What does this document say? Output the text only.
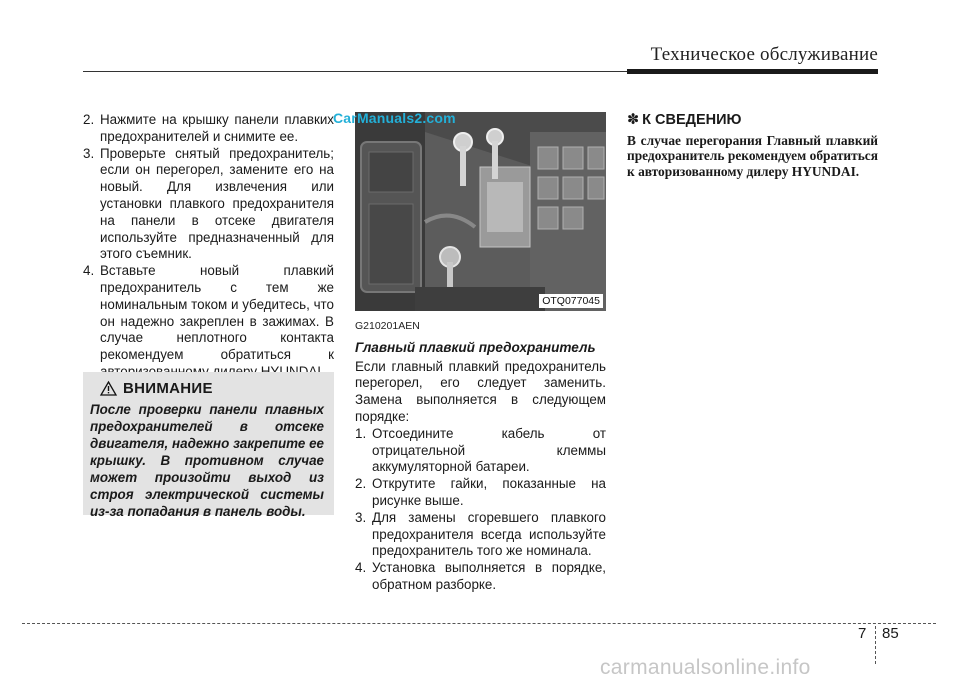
Техническое обслуживание
2. Нажмите на крышку панели плавких предохранителей и снимите ее.
3. Проверьте снятый предохранитель; если он перегорел, замените его на новый. Для извлечения или установки плавкого предохранителя на панели в отсеке двигателя используйте предназначенный для этого съемник.
4. Вставьте новый плавкий предохранитель с тем же номинальным током и убедитесь, что он надежно закреплен в зажимах. В случае неплотного контакта рекомендуем обратиться к
ВНИМАНИЕ
После проверки панели плавных предохранителей в отсеке двигателя, надежно закрепите ее крышку. В противном случае может произойти выход из строя электрической системы из-за попадания в панель воды.
CarManuals2.com
OTQ077045
G210201AEN
Главный плавкий предохранитель
Если главный плавкий предохранитель перегорел, его следует заменить. Замена выполняется в следующем порядке:
1. Отсоедините кабель от отрицательной клеммы аккумуляторной батареи.
2. Открутите гайки, показанные на рисунке выше.
3. Для замены сгоревшего плавкого предохранителя всегда используйте предохранитель того же номинала.
4. Установка выполняется в порядке, обратном разборке.
✽ К СВЕДЕНИЮ
В случае перегорания Главный плавкий предохранитель рекомендуем обратиться к авторизованному дилеру HYUNDAI.
7 85
carmanualsonline.info
